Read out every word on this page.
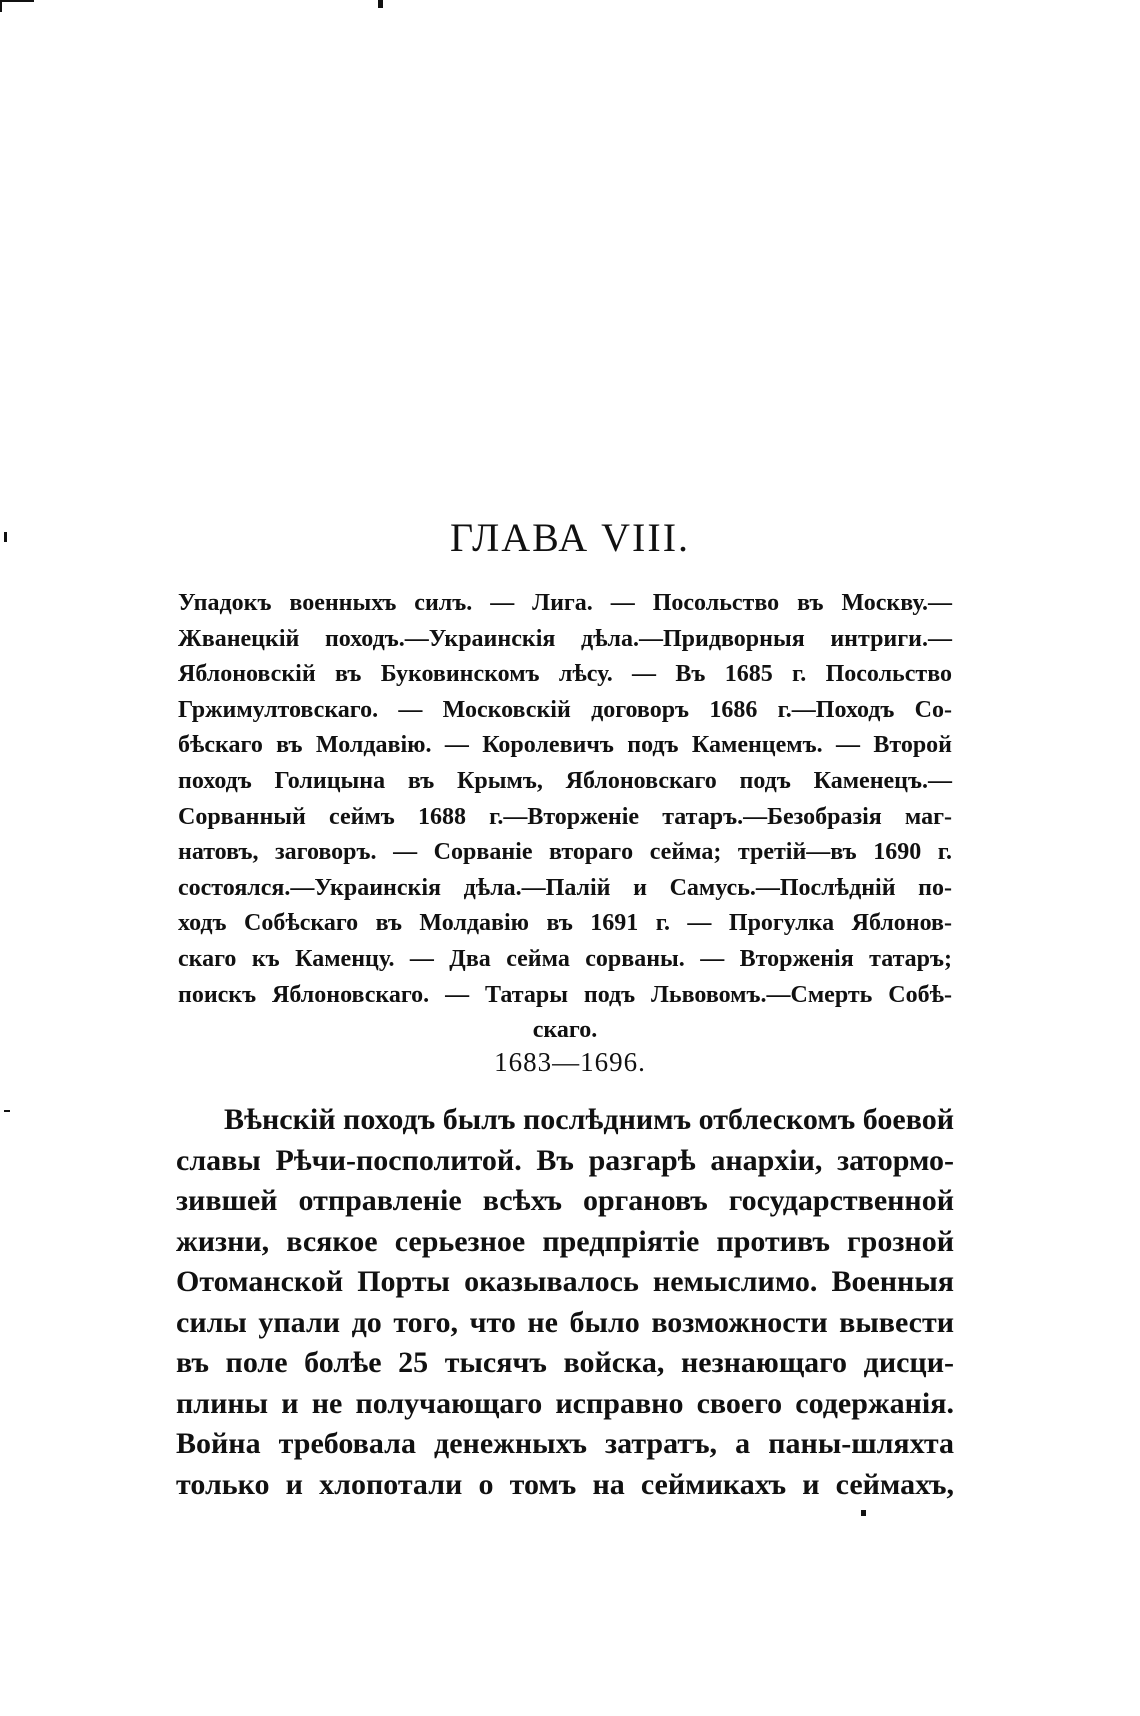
ГЛАВА VIII.
Упадокъ военныхъ силъ. — Лига. — Посольство въ Москву.—
Жванецкій походъ.—Украинскія дѣла.—Придворныя интриги.—
Яблоновскій въ Буковинскомъ лѣсу. — Въ 1685 г. Посольство
Гржимултовскаго. — Московскій договоръ 1686 г.—Походъ Со-
бѣскаго въ Молдавію. — Королевичъ подъ Каменцемъ. — Второй
походъ Голицына въ Крымъ, Яблоновскаго подъ Каменецъ.—
Сорванный сеймъ 1688 г.—Вторженіе татаръ.—Безобразія маг-
натовъ, заговоръ. — Сорваніе вторагo сейма; третій—въ 1690 г.
состоялся.—Украинскія дѣла.—Палій и Самусь.—Послѣдній по-
ходъ Собѣскаго въ Молдавію въ 1691 г. — Прогулка Яблонов-
скаго къ Каменцу. — Два сейма сорваны. — Вторженія татаръ;
поискъ Яблоновскаго. — Татары подъ Львовомъ.—Смерть Собѣ-
скаго.
1683—1696.
Вѣнскій походъ былъ послѣднимъ отблескомъ боевой
славы Рѣчи-посполитой. Въ разгарѣ анархіи, затормо-
зившей отправленіе всѣхъ органовъ государственной
жизни, всякое серьезное предпріятіе противъ грозной
Отоманской Порты оказывалось немыслимо. Военныя
силы упали до того, что не было возможности вывести
въ поле болѣе 25 тысячъ войска, незнающаго дисци-
плины и не получающаго исправно своего содержанія.
Война требовала денежныхъ затратъ, а паны-шляхта
только и хлопотали о томъ на сеймикахъ и сеймахъ,
